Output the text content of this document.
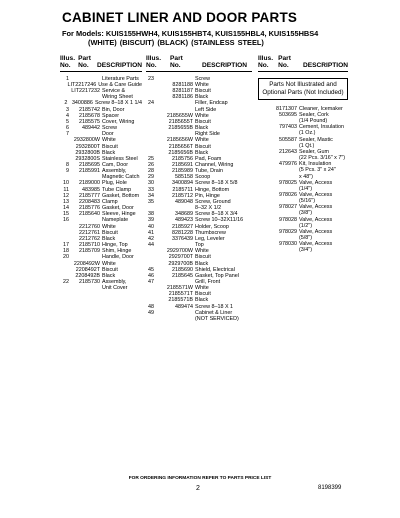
CABINET LINER AND DOOR PARTS
For Models: KUIS155HWH4, KUIS155HBT4, KUIS155HBL4, KUIS155HBS4
(WHITE) (BISCUIT) (BLACK) (STAINLESS STEEL)
Illus.
No.
Part
No.	DESCRIPTION
1	Literature Parts
LIT2217246 Use & Care Guide
LIT2217232 Service &
Wiring Sheet
2 3400886 Screw 8–18 X 1 1/4
3	2185742 Bin, Door
4	2185678 Spacer
5	2185575 Cover, Wiring
6	489442 Screw
7	Door
2932800W White
2932800T Biscuit
2932800B Black
2932800S Stainless Steel
8	2185695 Cam, Door
9	2185991 Assembly,
Magnetic Catch
10	2189000 Plug, Hole
11	483985 Tube Clamp
12	2185777 Gasket, Bottom
13	2208483 Clamp
14	2185776 Gasket, Door
15	2185640 Sleeve, Hinge
16	Nameplate
2212760 White
2212761 Biscuit
2212762 Black
17	2185710 Hinge, Top
18	2185709 Shim, Hinge
20	Handle, Door
2208492W White
2208492T Biscuit
2208492B Black
22	2185730 Assembly,
Unit Cover
Illus.
No.
Part
No.	DESCRIPTION
23	Screw
8281188 White
8281187 Biscuit
8281186 Black
24	Filler, Endcap
Left Side
2185655W White
2185655T Biscuit
2185655B Black
Right Side
2185656W White
2185656T Biscuit
2185656B Black
25	2185756 Pad, Foam
26	2185691 Channel, Wiring
28	2185989 Tube, Drain
29	585158 Scoop
30	3400894 Screw 8–18 X 5/8
33	2185711 Hinge, Bottom
34	2185712 Pin, Hinge
35	489048 Screw, Ground
8–32 X 1/2
38	348689 Screw 8–18 X 3/4
39	489423 Screw 10–32X11/16
40	2185927 Holder, Scoop
41	8281228 Thumbscrew
42	3376439 Leg, Leveler
44	Top
2929700W White
2929700T Biscuit
2929700B Black
45	2185690 Shield, Electrical
46	2185645 Gasket, Top Panel
47	Grill, Front
2185571W White
2185571T Biscuit
2185571B Black
48	489474 Screw 8–18 X 1
49	Cabinet & Liner
(NOT SERVICED)
Illus.
No.
Part
No.	DESCRIPTION
Parts Not Illustrated and Optional Parts (Not Included)
8171307 Cleaner, Icemaker
503695 Sealer, Cork
(1/4 Pound)
797403 Cement, Insulation
(1 Oz.)
505587 Sealer, Mastic
(1 Qt.)
212643 Sealer, Gum
(22 Pcs. 3/16" x 7")
479976 Kit, Insulation
(5 Pcs. 3" x 24"
x 48")
978025 Valve, Access
(1/4")
978026 Valve, Access
(5/16")
978027 Valve, Access
(3/8")
978028 Valve, Access
(1/2")
978029 Valve, Access
(5/8")
978030 Valve, Access
(3/4")
FOR ORDERING INFORMATION REFER TO PARTS PRICE LIST
2	8198399
